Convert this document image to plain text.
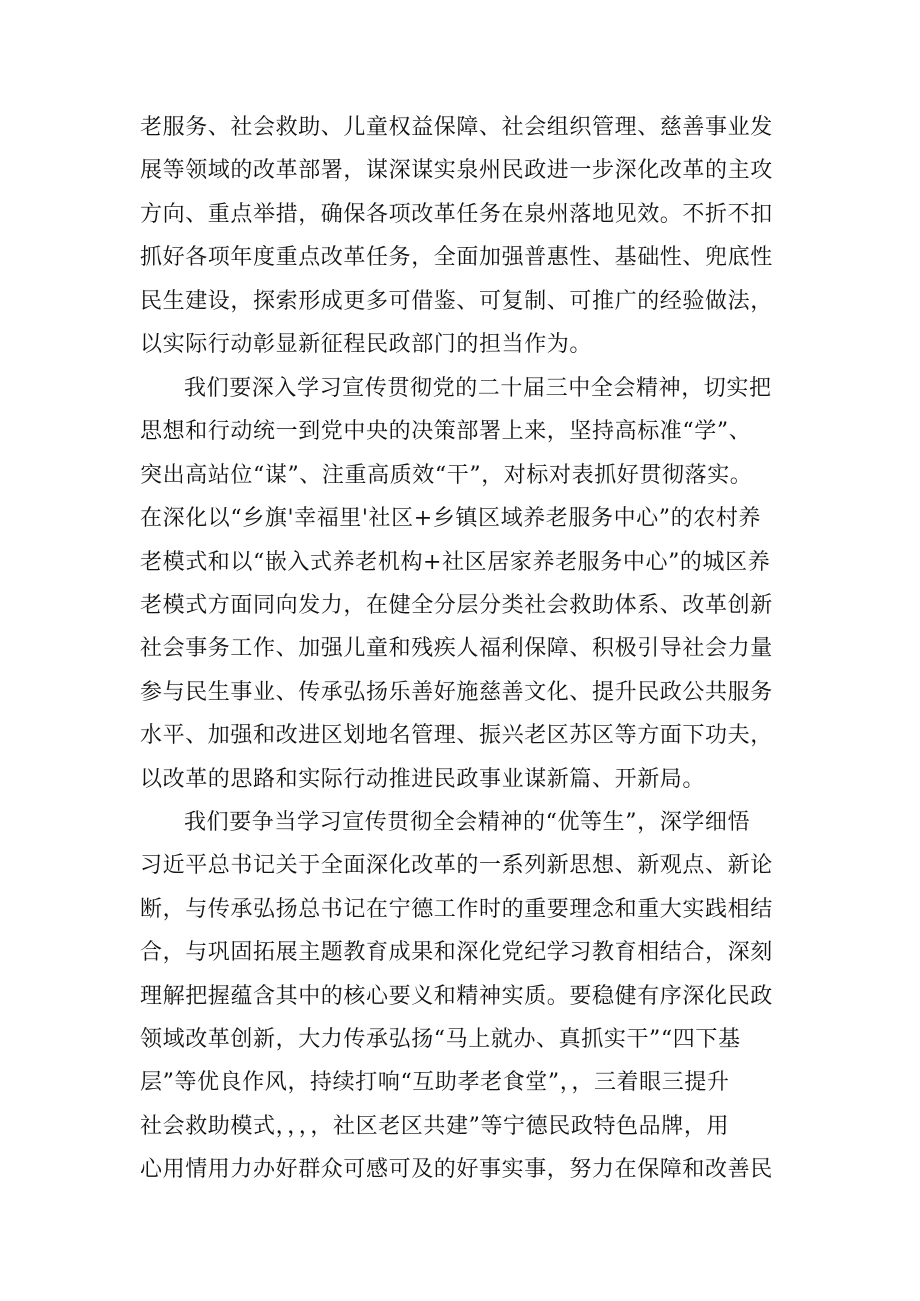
老服务、社会救助、儿童权益保障、社会组织管理、慈善事业发
展等领域的改革部署，谋深谋实泉州民政进一步深化改革的主攻
方向、重点举措，确保各项改革任务在泉州落地见效。不折不扣
抓好各项年度重点改革任务，全面加强普惠性、基础性、兜底性
民生建设，探索形成更多可借鉴、可复制、可推广的经验做法，
以实际行动彰显新征程民政部门的担当作为。
我们要深入学习宣传贯彻党的二十届三中全会精神，切实把
思想和行动统一到党中央的决策部署上来，坚持高标准“学”、
突出高站位“谋”、注重高质效“干”，对标对表抓好贯彻落实。
在深化以“乡旗'幸福里'社区+乡镇区域养老服务中心”的农村养
老模式和以“嵌入式养老机构+社区居家养老服务中心”的城区养
老模式方面同向发力，在健全分层分类社会救助体系、改革创新
社会事务工作、加强儿童和残疾人福利保障、积极引导社会力量
参与民生事业、传承弘扬乐善好施慈善文化、提升民政公共服务
水平、加强和改进区划地名管理、振兴老区苏区等方面下功夫，
以改革的思路和实际行动推进民政事业谋新篇、开新局。
我们要争当学习宣传贯彻全会精神的“优等生”，深学细悟
习近平总书记关于全面深化改革的一系列新思想、新观点、新论
断，与传承弘扬总书记在宁德工作时的重要理念和重大实践相结
合，与巩固拓展主题教育成果和深化党纪学习教育相结合，深刻
理解把握蕴含其中的核心要义和精神实质。要稳健有序深化民政
领域改革创新，大力传承弘扬“马上就办、真抓实干”“四下基
层”等优良作风，持续打响“互助孝老食堂”，，三着眼三提升
社会救助模式，，，，社区老区共建”等宁德民政特色品牌，用
心用情用力办好群众可感可及的好事实事，努力在保障和改善民
